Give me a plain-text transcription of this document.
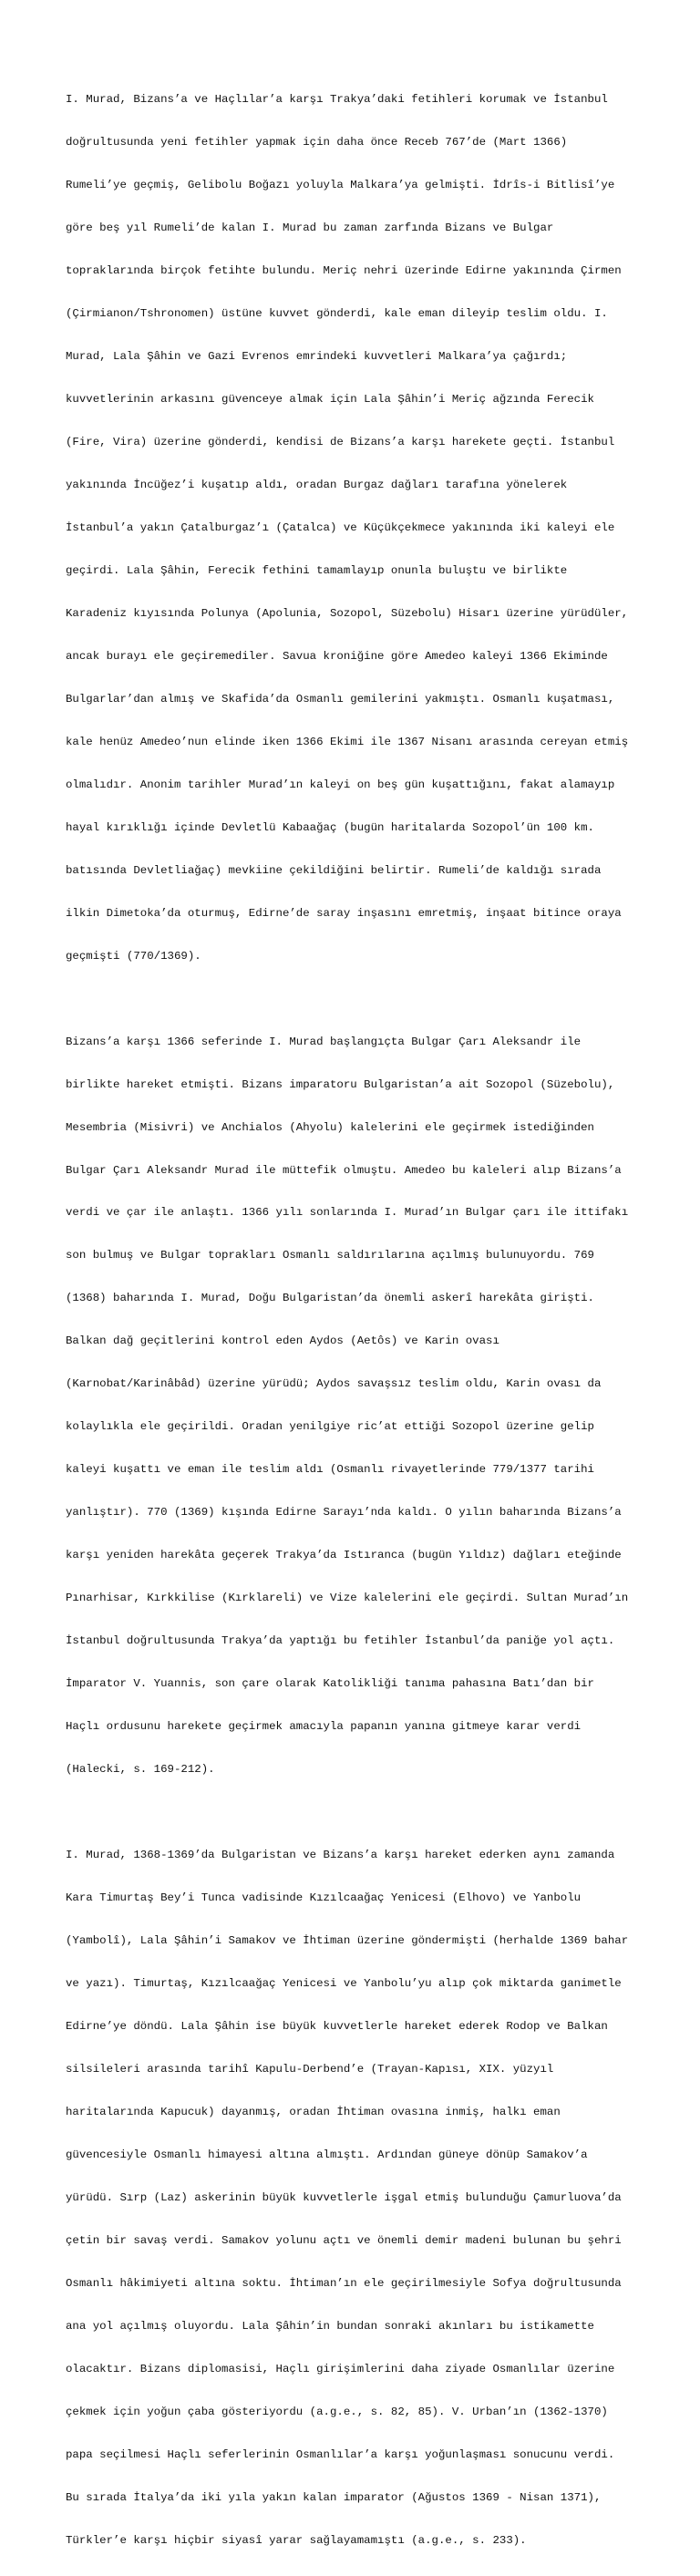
I. Murad, Bizans’a ve Haçlılar’a karşı Trakya’daki fetihleri korumak ve İstanbul

doğrultusunda yeni fetihler yapmak için daha önce Receb 767’de (Mart 1366)

Rumeli’ye geçmiş, Gelibolu Boğazı yoluyla Malkara’ya gelmişti. İdrîs-i Bitlisî’ye

göre beş yıl Rumeli’de kalan I. Murad bu zaman zarfında Bizans ve Bulgar

topraklarında birçok fetihte bulundu. Meriç nehri üzerinde Edirne yakınında Çirmen

(Çirmianon/Tshronomen) üstüne kuvvet gönderdi, kale eman dileyip teslim oldu. I.

Murad, Lala Şâhin ve Gazi Evrenos emrindeki kuvvetleri Malkara’ya çağırdı;

kuvvetlerinin arkasını güvenceye almak için Lala Şâhin’i Meriç ağzında Ferecik

(Fire, Vira) üzerine gönderdi, kendisi de Bizans’a karşı harekete geçti. İstanbul

yakınında İncüğez’i kuşatıp aldı, oradan Burgaz dağları tarafına yönelerek

İstanbul’a yakın Çatalburgaz’ı (Çatalca) ve Küçükçekmece yakınında iki kaleyi ele

geçirdi. Lala Şâhin, Ferecik fethini tamamlayıp onunla buluştu ve birlikte

Karadeniz kıyısında Polunya (Apolunia, Sozopol, Süzebolu) Hisarı üzerine yürüdüler,

ancak burayı ele geçiremediler. Savua kroniğine göre Amedeo kaleyi 1366 Ekiminde

Bulgarlar’dan almış ve Skafida’da Osmanlı gemilerini yakmıştı. Osmanlı kuşatması,

kale henüz Amedeo’nun elinde iken 1366 Ekimi ile 1367 Nisanı arasında cereyan etmiş

olmalıdır. Anonim tarihler Murad’ın kaleyi on beş gün kuşattığını, fakat alamayıp

hayal kırıklığı içinde Devletlü Kabaağaç (bugün haritalarda Sozopol’ün 100 km.

batısında Devletliağaç) mevkiine çekildiğini belirtir. Rumeli’de kaldığı sırada

ilkin Dimetoka’da oturmuş, Edirne’de saray inşasını emretmiş, inşaat bitince oraya

geçmişti (770/1369).

Bizans’a karşı 1366 seferinde I. Murad başlangıçta Bulgar Çarı Aleksandr ile

birlikte hareket etmişti. Bizans imparatoru Bulgaristan’a ait Sozopol (Süzebolu),

Mesembria (Misivri) ve Anchialos (Ahyolu) kalelerini ele geçirmek istediğinden

Bulgar Çarı Aleksandr Murad ile müttefik olmuştu. Amedeo bu kaleleri alıp Bizans’a

verdi ve çar ile anlaştı. 1366 yılı sonlarında I. Murad’ın Bulgar çarı ile ittifakı

son bulmuş ve Bulgar toprakları Osmanlı saldırılarına açılmış bulunuyordu. 769

(1368) baharında I. Murad, Doğu Bulgaristan’da önemli askerî harekâta girişti.

Balkan dağ geçitlerini kontrol eden Aydos (Aetôs) ve Karin ovası

(Karnobat/Karinâbâd) üzerine yürüdü; Aydos savaşsız teslim oldu, Karin ovası da

kolaylıkla ele geçirildi. Oradan yenilgiye ric’at ettiği Sozopol üzerine gelip

kaleyi kuşattı ve eman ile teslim aldı (Osmanlı rivayetlerinde 779/1377 tarihi

yanlıştır). 770 (1369) kışında Edirne Sarayı’nda kaldı. O yılın baharında Bizans’a

karşı yeniden harekâta geçerek Trakya’da Istıranca (bugün Yıldız) dağları eteğinde

Pınarhisar, Kırkkilise (Kırklareli) ve Vize kalelerini ele geçirdi. Sultan Murad’ın

İstanbul doğrultusunda Trakya’da yaptığı bu fetihler İstanbul’da paniğe yol açtı.

İmparator V. Yuannis, son çare olarak Katolikliği tanıma pahasına Batı’dan bir

Haçlı ordusunu harekete geçirmek amacıyla papanın yanına gitmeye karar verdi

(Halecki, s. 169-212).

I. Murad, 1368-1369’da Bulgaristan ve Bizans’a karşı hareket ederken aynı zamanda

Kara Timurtaş Bey’i Tunca vadisinde Kızılcaağaç Yenicesi (Elhovo) ve Yanbolu

(Yambolî), Lala Şâhin’i Samakov ve İhtiman üzerine göndermişti (herhalde 1369 bahar

ve yazı). Timurtaş, Kızılcaağaç Yenicesi ve Yanbolu’yu alıp çok miktarda ganimetle

Edirne’ye döndü. Lala Şâhin ise büyük kuvvetlerle hareket ederek Rodop ve Balkan

silsileleri arasında tarihî Kapulu-Derbend’e (Trayan-Kapısı, XIX. yüzyıl

haritalarında Kapucuk) dayanmış, oradan İhtiman ovasına inmiş, halkı eman

güvencesiyle Osmanlı himayesi altına almıştı. Ardından güneye dönüp Samakov’a

yürüdü. Sırp (Laz) askerinin büyük kuvvetlerle işgal etmiş bulunduğu Çamurluova’da

çetin bir savaş verdi. Samakov yolunu açtı ve önemli demir madeni bulunan bu şehri

Osmanlı hâkimiyeti altına soktu. İhtiman’ın ele geçirilmesiyle Sofya doğrultusunda

ana yol açılmış oluyordu. Lala Şâhin’in bundan sonraki akınları bu istikamette

olacaktır. Bizans diplomasisi, Haçlı girişimlerini daha ziyade Osmanlılar üzerine

çekmek için yoğun çaba gösteriyordu (a.g.e., s. 82, 85). V. Urban’ın (1362-1370)

papa seçilmesi Haçlı seferlerinin Osmanlılar’a karşı yoğunlaşması sonucunu verdi.

Bu sırada İtalya’da iki yıla yakın kalan imparator (Ağustos 1369 - Nisan 1371),

Türkler’e karşı hiçbir siyasî yarar sağlayamamıştı (a.g.e., s. 233).
